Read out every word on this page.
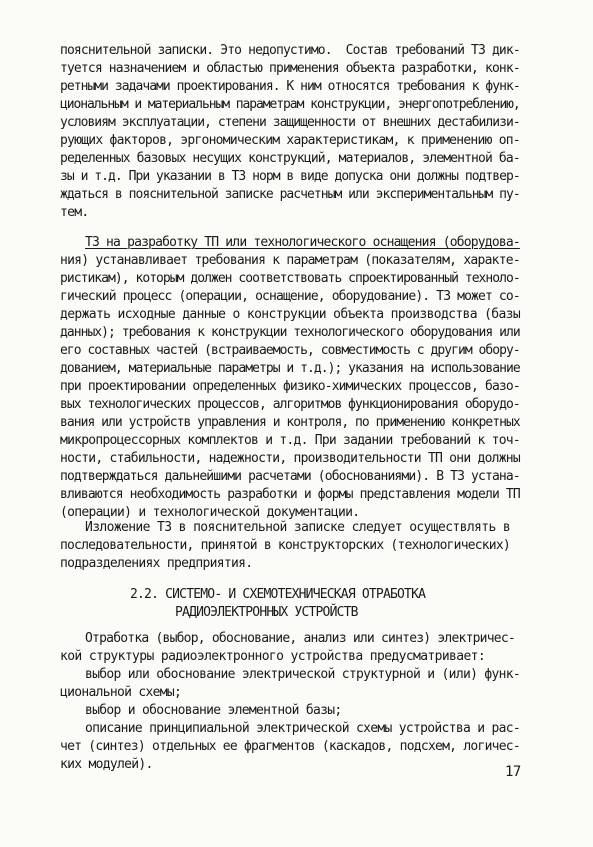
пояснительной записки. Это недопустимо.  Состав требований ТЗ дик-
туется назначением и областью применения объекта разработки, конк-
ретными задачами проектирования. К ним относятся требования к функ-
циональным и материальным параметрам конструкции, энергопотреблению,
условиям эксплуатации, степени защищенности от внешних дестабилизи-
рующих факторов, эргономическим характеристикам, к применению оп-
ределенных базовых несущих конструкций, материалов, элементной ба-
зы и т.д. При указании в ТЗ норм в виде допуска они должны подтвер-
ждаться в пояснительной записке расчетным или экспериментальным пу-
тем.
ТЗ на разработку ТП или технологического оснащения (оборудова-
ния) устанавливает требования к параметрам (показателям, характе-
ристикам), которым должен соответствовать спроектированный техноло-
гический процесс (операции, оснащение, оборудование). ТЗ может со-
держать исходные данные о конструкции объекта производства (базы
данных); требования к конструкции технологического оборудования или
его составных частей (встраиваемость, совместимость с другим обору-
дованием, материальные параметры и т.д.); указания на использование
при проектировании определенных физико-химических процессов, базо-
вых технологических процессов, алгоритмов функционирования оборудо-
вания или устройств управления и контроля, по применению конкретных
микропроцессорных комплектов и т.д. При задании требований к точ-
ности, стабильности, надежности, производительности ТП они должны
подтверждаться дальнейшими расчетами (обоснованиями). В ТЗ устана-
вливаются необходимость разработки и формы представления модели ТП
(операции) и технологической документации.
Изложение ТЗ в пояснительной записке следует осуществлять в
последовательности, принятой в конструкторских (технологических)
подразделениях предприятия.
2.2. СИСТЕМО- И СХЕМОТЕХНИЧЕСКАЯ ОТРАБОТКА
РАДИОЭЛЕКТРОННЫХ УСТРОЙСТВ
Отработка (выбор, обоснование, анализ или синтез) электричес-
кой структуры радиоэлектронного устройства предусматривает:
выбор или обоснование электрической структурной и (или) функ-
циональной схемы;
выбор и обоснование элементной базы;
описание принципиальной электрической схемы устройства и рас-
чет (синтез) отдельных ее фрагментов (каскадов, подсхем, логичес-
ких модулей).	17
